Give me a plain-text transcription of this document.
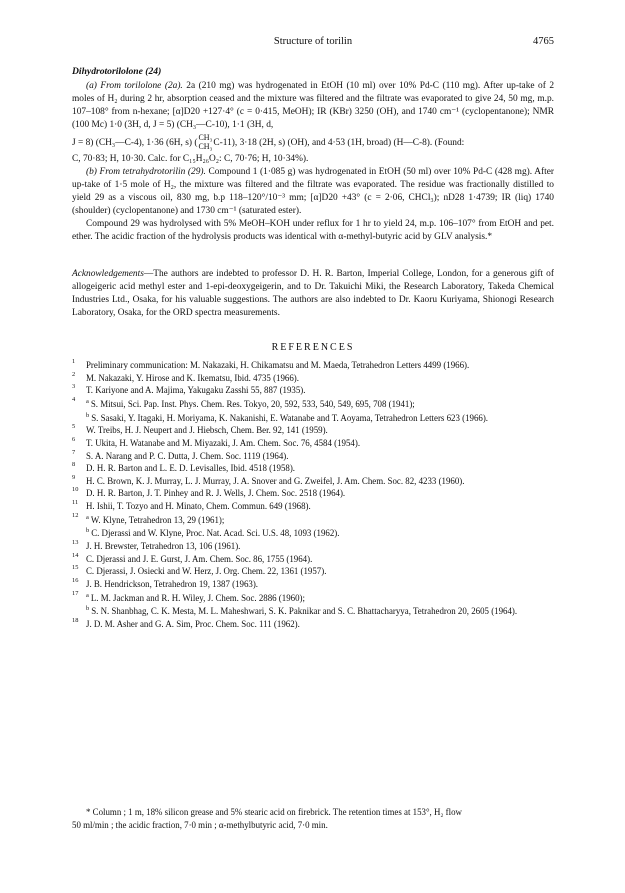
Structure of torilin	4765
Dihydrotorilolone (24)

(a) From torilolone (2a). 2a (210 mg) was hydrogenated in EtOH (10 ml) over 10% Pd-C (110 mg). After up-take of 2 moles of H₂ during 2 hr, absorption ceased and the mixture was filtered and the filtrate was evaporated to give 24, 50 mg, m.p. 107–108° from n-hexane; [α]D20 +127·4° (c = 0·415, MeOH); IR (KBr) 3250 (OH), and 1740 cm⁻¹ (cyclopentanone); NMR (100 Mc) 1·0 (3H, d, J = 5) (CH₃—C-10), 1·1 (3H, d,

J = 8) (CH₃—C-4), 1·36 (6H, s) (
CH₃
CH₃ C-11), 3·18 (2H, s) (OH), and 4·53 (1H, broad) (H—C-8). (Found:

C, 70·83; H, 10·30. Calc. for C₁₅H₂₆O₂: C, 70·76; H, 10·34%).

(b) From tetrahydrotorilin (29). Compound 1 (1·085 g) was hydrogenated in EtOH (50 ml) over 10% Pd-C (428 mg). After up-take of 1·5 mole of H₂, the mixture was filtered and the filtrate was evaporated. The residue was fractionally distilled to yield 29 as a viscous oil, 830 mg, b.p 118–120°/10⁻³ mm; [α]D20 +43° (c = 2·06, CHCl₃); nD28 1·4739; IR (liq) 1740 (shoulder) (cyclopentanone) and 1730 cm⁻¹ (saturated ester).

Compound 29 was hydrolysed with 5% MeOH–KOH under reflux for 1 hr to yield 24, m.p. 106–107° from EtOH and pet. ether. The acidic fraction of the hydrolysis products was identical with α-methyl-butyric acid by GLV analysis.*

Acknowledgements—The authors are indebted to professor D. H. R. Barton, Imperial College, London, for a generous gift of allogeigeric acid methyl ester and 1-epi-deoxygeigerin, and to Dr. Takuichi Miki, the Research Laboratory, Takeda Chemical Industries Ltd., Osaka, for his valuable suggestions. The authors are also indebted to Dr. Kaoru Kuriyama, Shionogi Research Laboratory, Osaka, for the ORD spectra measurements.

REFERENCES
1 Preliminary communication: M. Nakazaki, H. Chikamatsu and M. Maeda, Tetrahedron Letters 4499 (1966).
2 M. Nakazaki, Y. Hirose and K. Ikematsu, Ibid. 4735 (1966).
3 T. Kariyone and A. Majima, Yakugaku Zasshi 55, 887 (1935).
4 $^a$ S. Mitsui, Sci. Pap. Inst. Phys. Chem. Res. Tokyo, 20, 592, 533, 540, 549, 695, 708 (1941);
$^b$ S. Sasaki, Y. Itagaki, H. Moriyama, K. Nakanishi, E. Watanabe and T. Aoyama, Tetrahedron Letters 623 (1966).
5 W. Treibs, H. J. Neupert and J. Hiebsch, Chem. Ber. 92, 141 (1959).
6 T. Ukita, H. Watanabe and M. Miyazaki, J. Am. Chem. Soc. 76, 4584 (1954).
7 S. A. Narang and P. C. Dutta, J. Chem. Soc. 1119 (1964).
8 D. H. R. Barton and L. E. D. Levisalles, Ibid. 4518 (1958).
9 H. C. Brown, K. J. Murray, L. J. Murray, J. A. Snover and G. Zweifel, J. Am. Chem. Soc. 82, 4233 (1960).
10 D. H. R. Barton, J. T. Pinhey and R. J. Wells, J. Chem. Soc. 2518 (1964).
11 H. Ishii, T. Tozyo and H. Minato, Chem. Commun. 649 (1968).
12 $^a$ W. Klyne, Tetrahedron 13, 29 (1961);
$^b$ C. Djerassi and W. Klyne, Proc. Nat. Acad. Sci. U.S. 48, 1093 (1962).
13 J. H. Brewster, Tetrahedron 13, 106 (1961).
14 C. Djerassi and J. E. Gurst, J. Am. Chem. Soc. 86, 1755 (1964).
15 C. Djerassi, J. Osiecki and W. Herz, J. Org. Chem. 22, 1361 (1957).
16 J. B. Hendrickson, Tetrahedron 19, 1387 (1963).
17 $^a$ L. M. Jackman and R. H. Wiley, J. Chem. Soc. 2886 (1960);
$^b$ S. N. Shanbhag, C. K. Mesta, M. L. Maheshwari, S. K. Paknikar and S. C. Bhattacharyya, Tetrahedron 20, 2605 (1964).
18 J. D. M. Asher and G. A. Sim, Proc. Chem. Soc. 111 (1962).
* Column ; 1 m, 18% silicon grease and 5% stearic acid on firebrick. The retention times at 153°, H₂ flow
50 ml/min ; the acidic fraction, 7·0 min ; α-methylbutyric acid, 7·0 min.
